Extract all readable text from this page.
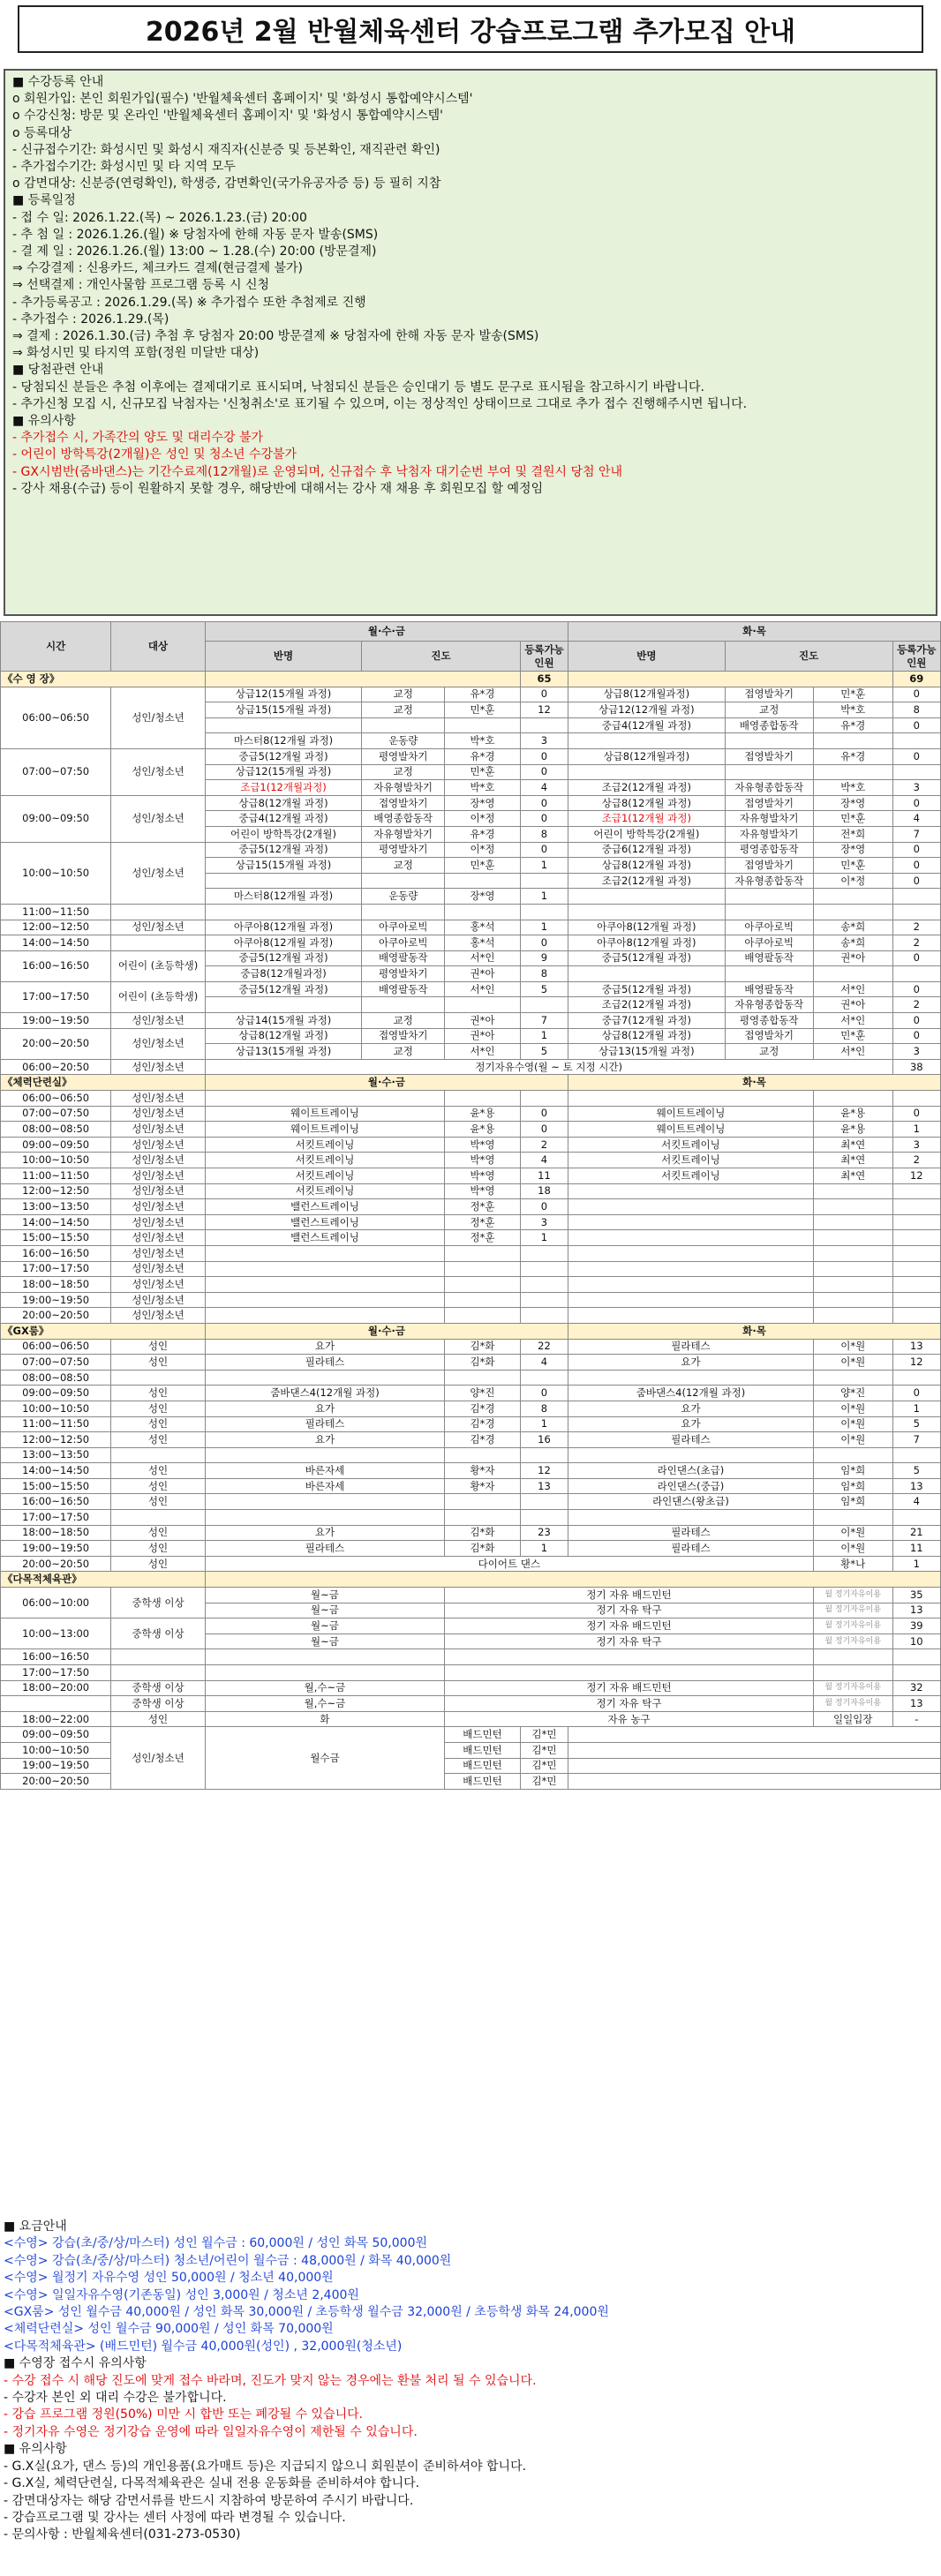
2026년 2월 반월체육센터 강습프로그램 추가모집 안내
■ 수강등록 안내
ο 회원가입: 본인 회원가입(필수) '반월체육센터 홈페이지' 및 '화성시 통합예약시스템'
ο 수강신청: 방문 및 온라인 '반월체육센터 홈페이지' 및 '화성시 통합예약시스템'
ο 등록대상
- 신규접수기간: 화성시민 및 화성시 재직자(신분증 및 등본확인, 재직관련 확인)
- 추가접수기간: 화성시민 및 타 지역 모두
ο 감면대상: 신분증(연령확인), 학생증, 감면확인(국가유공자증 등) 등 필히 지참
■ 등록일정
- 접 수 일: 2026.1.22.(목) ~ 2026.1.23.(금) 20:00
- 추 첨 일 : 2026.1.26.(월) ※ 당첨자에 한해 자동 문자 발송(SMS)
- 결 제 일 : 2026.1.26.(월) 13:00 ~ 1.28.(수) 20:00 (방문결제)
⇒ 수강결제 : 신용카드, 체크카드 결제(현금결제 불가)
⇒ 선택결제 : 개인사물함 프로그램 등록 시 신청
- 추가등록공고 : 2026.1.29.(목) ※ 추가접수 또한 추첨제로 진행
- 추가접수 : 2026.1.29.(목)
⇒ 결제 : 2026.1.30.(금) 추첨 후 당첨자 20:00 방문결제 ※ 당첨자에 한해 자동 문자 발송(SMS)
⇒ 화성시민 및 타지역 포함(정원 미달반 대상)
■ 당첨관련 안내
- 당첨되신 분들은 추첨 이후에는 결제대기로 표시되며, 낙첨되신 분들은 승인대기 등 별도 문구로 표시됨을 참고하시기 바랍니다.
- 추가신청 모집 시, 신규모집 낙첨자는 '신청취소'로 표기될 수 있으며, 이는 정상적인 상태이므로 그대로 추가 접수 진행해주시면 됩니다.
■ 유의사항
- 추가접수 시, 가족간의 양도 및 대리수강 불가
- 어린이 방학특강(2개월)은 성인 및 청소년 수강불가
- GX시범반(줌바댄스)는 기간수료제(12개월)로 운영되며, 신규접수 후 낙첨자 대기순번 부여 및 결원시 당첨 안내
- 강사 채용(수급) 등이 원활하지 못할 경우, 해당반에 대해서는 강사 재 채용 후 회원모집 할 예정임
시간	대상	월·수·금				화·목			
		반명	진도		등록가능인원	반명	진도		등록가능인원
《수 영 장》					65				69
06:00~06:50	성인/청소년	상급12(15개월 과정)	교정	유*경	0	상급8(12개월과정)	접영발차기	민*훈	0
		상급15(15개월 과정)	교정	민*훈	12	상급12(12개월 과정)	교정	박*호	8
						중급4(12개월 과정)	배영종합동작	유*경	0
		마스터8(12개월 과정)	운동량	박*호	3				
07:00~07:50	성인/청소년	중급5(12개월 과정)	평영발차기	유*경	0	상급8(12개월과정)	접영발차기	유*경	0
		상급12(15개월 과정)	교정	민*훈	0				
		조급1(12개월과정)	자유형발차기	박*호	4	조급2(12개월 과정)	자유형종합동작	박*호	3
09:00~09:50	성인/청소년	상급8(12개월 과정)	접영발차기	장*영	0	상급8(12개월 과정)	접영발차기	장*영	0
		중급4(12개월 과정)	배영종합동작	이*정	0	조급1(12개월 과정)	자유형발차기	민*훈	4
		어린이 방학특강(2개월)	자유형발차기	유*경	8	어린이 방학특강(2개월)	자유형발차기	전*희	7
10:00~10:50	성인/청소년	중급5(12개월 과정)	평영발차기	이*정	0	중급6(12개월 과정)	평영종합동작	장*영	0
		상급15(15개월 과정)	교정	민*훈	1	상급8(12개월 과정)	접영발차기	민*훈	0
						조급2(12개월 과정)	자유형종합동작	이*정	0
		마스터8(12개월 과정)	운동량	장*영	1				
11:00~11:50									
12:00~12:50	성인/청소년	아쿠아8(12개월 과정)	아쿠아로빅	홍*석	1	아쿠아8(12개월 과정)	아쿠아로빅	송*희	2
14:00~14:50		아쿠아8(12개월 과정)	아쿠아로빅	홍*석	0	아쿠아8(12개월 과정)	아쿠아로빅	송*희	2
16:00~16:50	어린이 (초등학생)	중급5(12개월 과정)	배영팔동작	서*인	9	중급5(12개월 과정)	배영팔동작	권*아	0
		중급8(12개월과정)	평영발차기	권*아	8				
17:00~17:50	어린이 (초등학생)	중급5(12개월 과정)	배영팔동작	서*인	5	중급5(12개월 과정)	배영팔동작	서*인	0
						조급2(12개월 과정)	자유형종합동작	권*아	2
19:00~19:50	성인/청소년	상급14(15개월 과정)	교정	권*아	7	중급7(12개월 과정)	평영종합동작	서*인	0
20:00~20:50	성인/청소년	상급8(12개월 과정)	접영발차기	권*아	1	상급8(12개월 과정)	접영발차기	민*훈	0
		상급13(15개월 과정)	교정	서*인	5	상급13(15개월 과정)	교정	서*인	3
06:00~20:50	성인/청소년	정기자유수영(월 ~ 토 지정 시간)							38
《체력단련실》		월·수·금				화·목			
06:00~06:50	성인/청소년								
07:00~07:50	성인/청소년	웨이트트레이닝		윤*용	0	웨이트트레이닝		윤*용	0
08:00~08:50	성인/청소년	웨이트트레이닝		윤*용	0	웨이트트레이닝		윤*용	1
09:00~09:50	성인/청소년	서킷트레이닝		박*영	2	서킷트레이닝		최*연	3
10:00~10:50	성인/청소년	서킷트레이닝		박*영	4	서킷트레이닝		최*연	2
11:00~11:50	성인/청소년	서킷트레이닝		박*영	11	서킷트레이닝		최*연	12
12:00~12:50	성인/청소년	서킷트레이닝		박*영	18				
13:00~13:50	성인/청소년	밸런스트레이닝		정*훈	0				
14:00~14:50	성인/청소년	밸런스트레이닝		정*훈	3				
15:00~15:50	성인/청소년	밸런스트레이닝		정*훈	1				
16:00~16:50	성인/청소년								
17:00~17:50	성인/청소년								
18:00~18:50	성인/청소년								
19:00~19:50	성인/청소년								
20:00~20:50	성인/청소년								
《GX룸》		월·수·금				화·목			
06:00~06:50	성인	요가		김*화	22	필라테스		이*원	13
07:00~07:50	성인	필라테스		김*화	4	요가		이*원	12
08:00~08:50									
09:00~09:50	성인	줌바댄스4(12개월 과정)		양*진	0	줌바댄스4(12개월 과정)		양*진	0
10:00~10:50	성인	요가		김*경	8	요가		이*원	1
11:00~11:50	성인	필라테스		김*경	1	요가		이*원	5
12:00~12:50	성인	요가		김*경	16	필라테스		이*원	7
13:00~13:50									
14:00~14:50	성인	바른자세		황*자	12	라인댄스(초급)		임*희	5
15:00~15:50	성인	바른자세		황*자	13	라인댄스(중급)		임*희	13
16:00~16:50	성인					라인댄스(왕초급)		임*희	4
17:00~17:50									
18:00~18:50	성인	요가		김*화	23	필라테스		이*원	21
19:00~19:50	성인	필라테스		김*화	1	필라테스		이*원	11
20:00~20:50	성인	다이어트 댄스						황*나	1
《다목적체육관》									
06:00~10:00	중학생 이상	월~금		정기 자유 배드민턴				월 정기자유이용	35
		월~금		정기 자유 탁구				월 정기자유이용	13
10:00~13:00	중학생 이상	월~금		정기 자유 배드민턴				월 정기자유이용	39
		월~금		정기 자유 탁구				월 정기자유이용	10
16:00~16:50									
17:00~17:50									
18:00~20:00	중학생 이상	월,수~금		정기 자유 배드민턴				월 정기자유이용	32
	중학생 이상	월,수~금		정기 자유 탁구				월 정기자유이용	13
18:00~22:00	성인	화		자유 농구				일일입장	-
09:00~09:50	성인/청소년	월수금		배드민턴	김*민				
10:00~10:50				배드민턴	김*민				
19:00~19:50				배드민턴	김*민				
20:00~20:50				배드민턴	김*민				
■ 요금안내
<수영> 강습(초/중/상/마스터) 성인 월수금 : 60,000원 / 성인 화목 50,000원
<수영> 강습(초/중/상/마스터) 청소년/어린이 월수금 : 48,000원 / 화목 40,000원
<수영> 월정기 자유수영 성인 50,000원 / 청소년 40,000원
<수영> 일일자유수영(기존동일) 성인 3,000원 / 청소년 2,400원
<GX룸> 성인 월수금 40,000원 / 성인 화목 30,000원 / 초등학생 월수금 32,000원 / 초등학생 화목 24,000원
<체력단련실> 성인 월수금 90,000원 / 성인 화목 70,000원
<다목적체육관> (배드민턴) 월수금 40,000원(성인) , 32,000원(청소년)
■ 수영장 접수시 유의사항
- 수강 접수 시 해당 진도에 맞게 접수 바라며, 진도가 맞지 않는 경우에는 환불 처리 될 수 있습니다.
- 수강자 본인 외 대리 수강은 불가합니다.
- 강습 프로그램 정원(50%) 미만 시 합반 또는 폐강될 수 있습니다.
- 정기자유 수영은 정기강습 운영에 따라 일일자유수영이 제한될 수 있습니다.
■ 유의사항
- G.X실(요가, 댄스 등)의 개인용품(요가매트 등)은 지급되지 않으니 회원분이 준비하셔야 합니다.
- G.X실, 체력단련실, 다목적체육관은 실내 전용 운동화를 준비하셔야 합니다.
- 감면대상자는 해당 감면서류를 반드시 지참하여 방문하여 주시기 바랍니다.
- 강습프로그램 및 강사는 센터 사정에 따라 변경될 수 있습니다.
- 문의사항 : 반월체육센터(031-273-0530)
